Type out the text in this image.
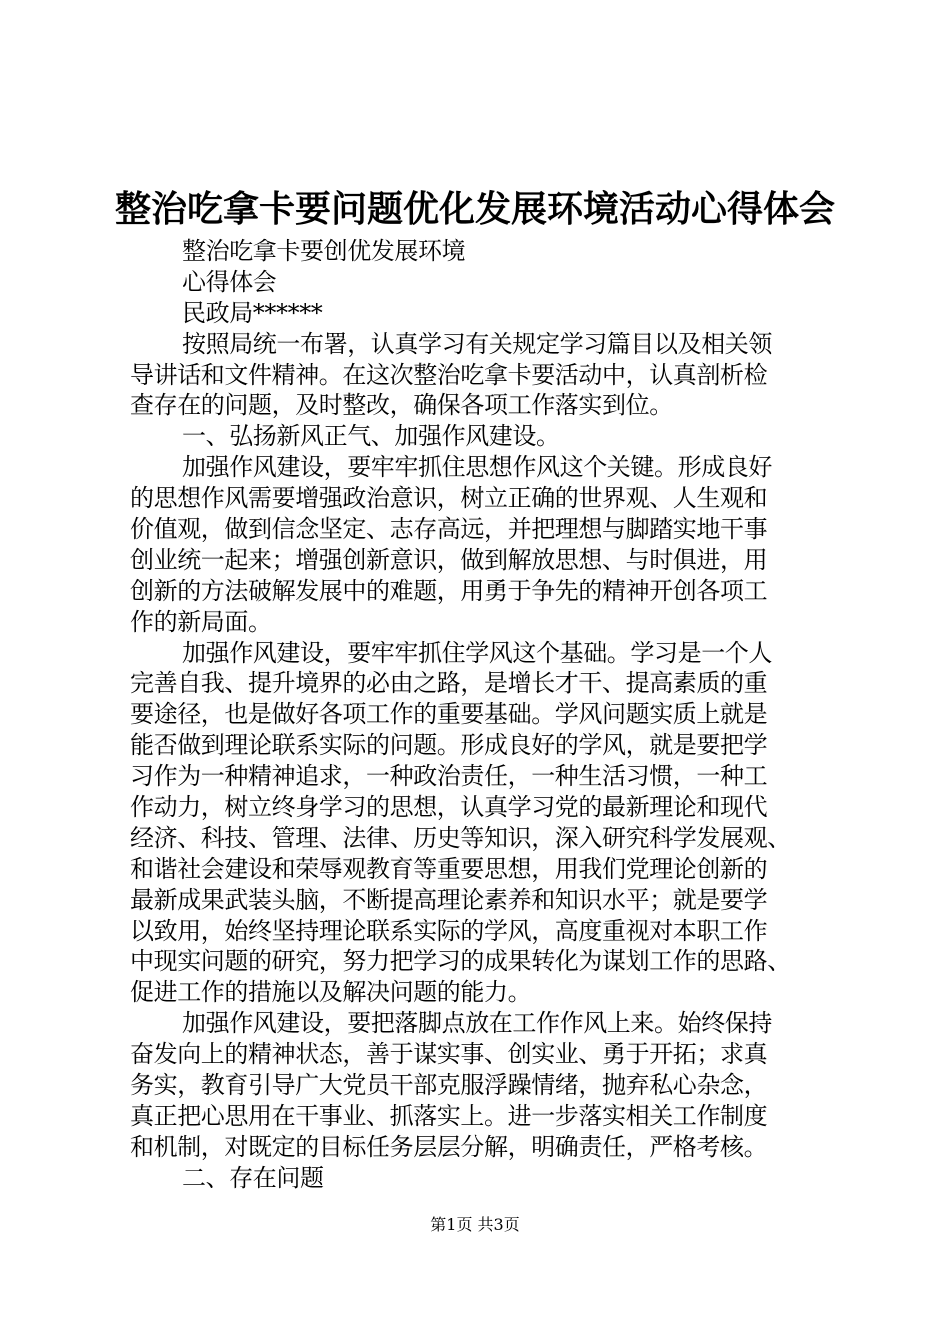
整治吃拿卡要问题优化发展环境活动心得体会
整治吃拿卡要创优发展环境
心得体会
民政局******
按照局统一布署，认真学习有关规定学习篇目以及相关领
导讲话和文件精神。在这次整治吃拿卡要活动中，认真剖析检
查存在的问题，及时整改，确保各项工作落实到位。
一、弘扬新风正气、加强作风建设。
加强作风建设，要牢牢抓住思想作风这个关键。形成良好
的思想作风需要增强政治意识，树立正确的世界观、人生观和
价值观，做到信念坚定、志存高远，并把理想与脚踏实地干事
创业统一起来；增强创新意识，做到解放思想、与时俱进，用
创新的方法破解发展中的难题，用勇于争先的精神开创各项工
作的新局面。
加强作风建设，要牢牢抓住学风这个基础。学习是一个人
完善自我、提升境界的必由之路，是增长才干、提高素质的重
要途径，也是做好各项工作的重要基础。学风问题实质上就是
能否做到理论联系实际的问题。形成良好的学风，就是要把学
习作为一种精神追求，一种政治责任，一种生活习惯，一种工
作动力，树立终身学习的思想，认真学习党的最新理论和现代
经济、科技、管理、法律、历史等知识，深入研究科学发展观、
和谐社会建设和荣辱观教育等重要思想，用我们党理论创新的
最新成果武装头脑，不断提高理论素养和知识水平；就是要学
以致用，始终坚持理论联系实际的学风，高度重视对本职工作
中现实问题的研究，努力把学习的成果转化为谋划工作的思路、
促进工作的措施以及解决问题的能力。
加强作风建设，要把落脚点放在工作作风上来。始终保持
奋发向上的精神状态，善于谋实事、创实业、勇于开拓；求真
务实，教育引导广大党员干部克服浮躁情绪，抛弃私心杂念，
真正把心思用在干事业、抓落实上。进一步落实相关工作制度
和机制，对既定的目标任务层层分解，明确责任，严格考核。
二、存在问题
第1页 共3页
